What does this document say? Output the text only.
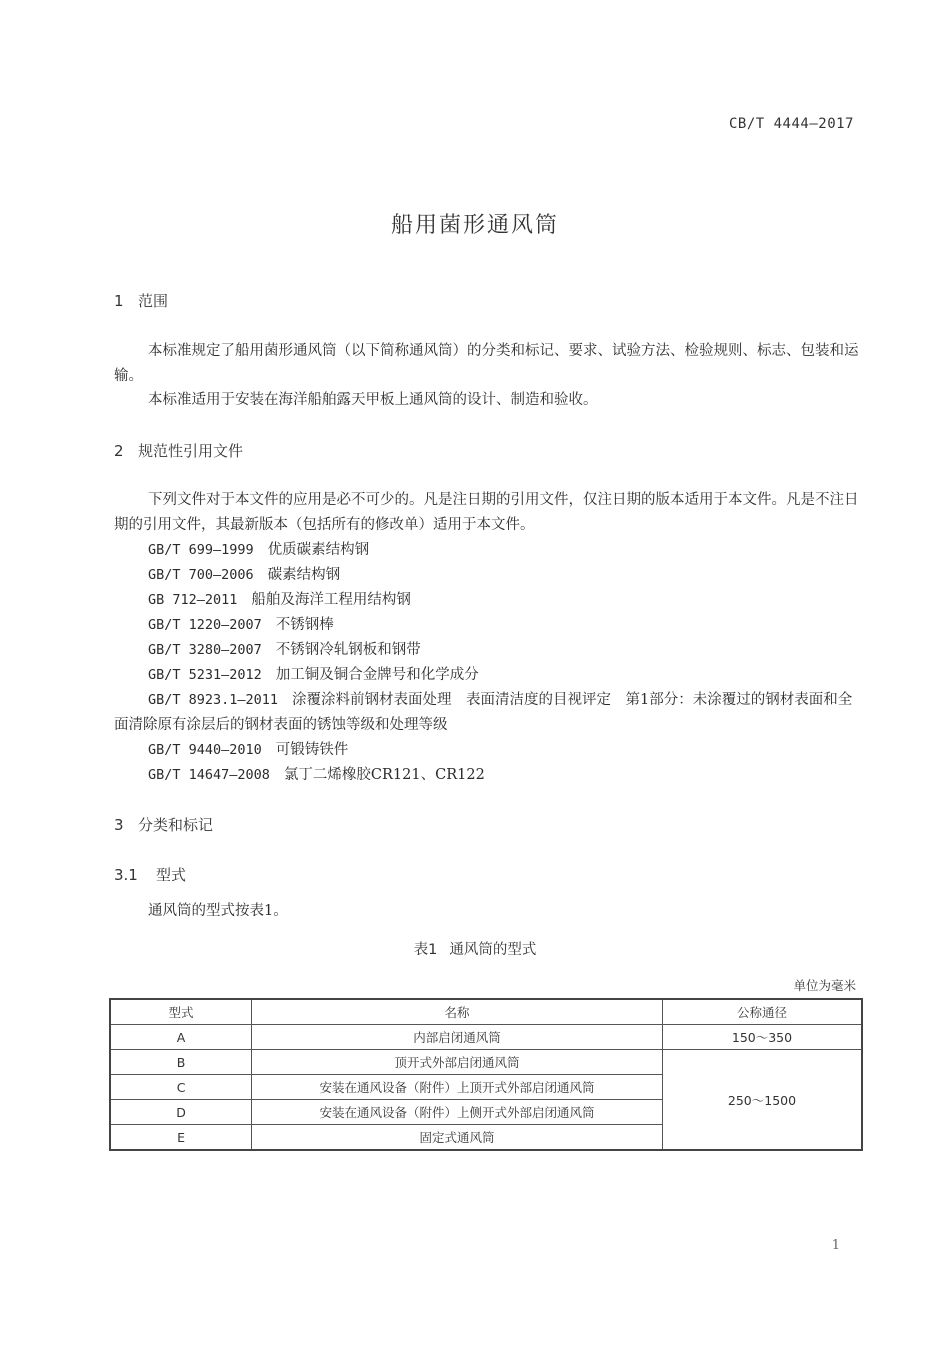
CB/T 4444—2017
船用菌形通风筒
1 范围
本标准规定了船用菌形通风筒（以下简称通风筒）的分类和标记、要求、试验方法、检验规则、标志、包装和运输。
本标准适用于安装在海洋船舶露天甲板上通风筒的设计、制造和验收。
2 规范性引用文件
下列文件对于本文件的应用是必不可少的。凡是注日期的引用文件，仅注日期的版本适用于本文件。凡是不注日期的引用文件，其最新版本（包括所有的修改单）适用于本文件。
GB/T 699—1999 优质碳素结构钢
GB/T 700—2006 碳素结构钢
GB 712—2011 船舶及海洋工程用结构钢
GB/T 1220—2007 不锈钢棒
GB/T 3280—2007 不锈钢冷轧钢板和钢带
GB/T 5231—2012 加工铜及铜合金牌号和化学成分
GB/T 8923.1—2011 涂覆涂料前钢材表面处理　表面清洁度的目视评定　第1部分：未涂覆过的钢材表面和全面清除原有涂层后的钢材表面的锈蚀等级和处理等级
GB/T 9440—2010 可锻铸铁件
GB/T 14647—2008 氯丁二烯橡胶CR121、CR122
3 分类和标记
3.1 型式
通风筒的型式按表1。
表1 通风筒的型式
单位为毫米
型式	名称	公称通径
A	内部启闭通风筒	150～350
B	顶开式外部启闭通风筒	250～1500
C	安装在通风设备（附件）上顶开式外部启闭通风筒	
D	安装在通风设备（附件）上侧开式外部启闭通风筒	
E	固定式通风筒	
1
